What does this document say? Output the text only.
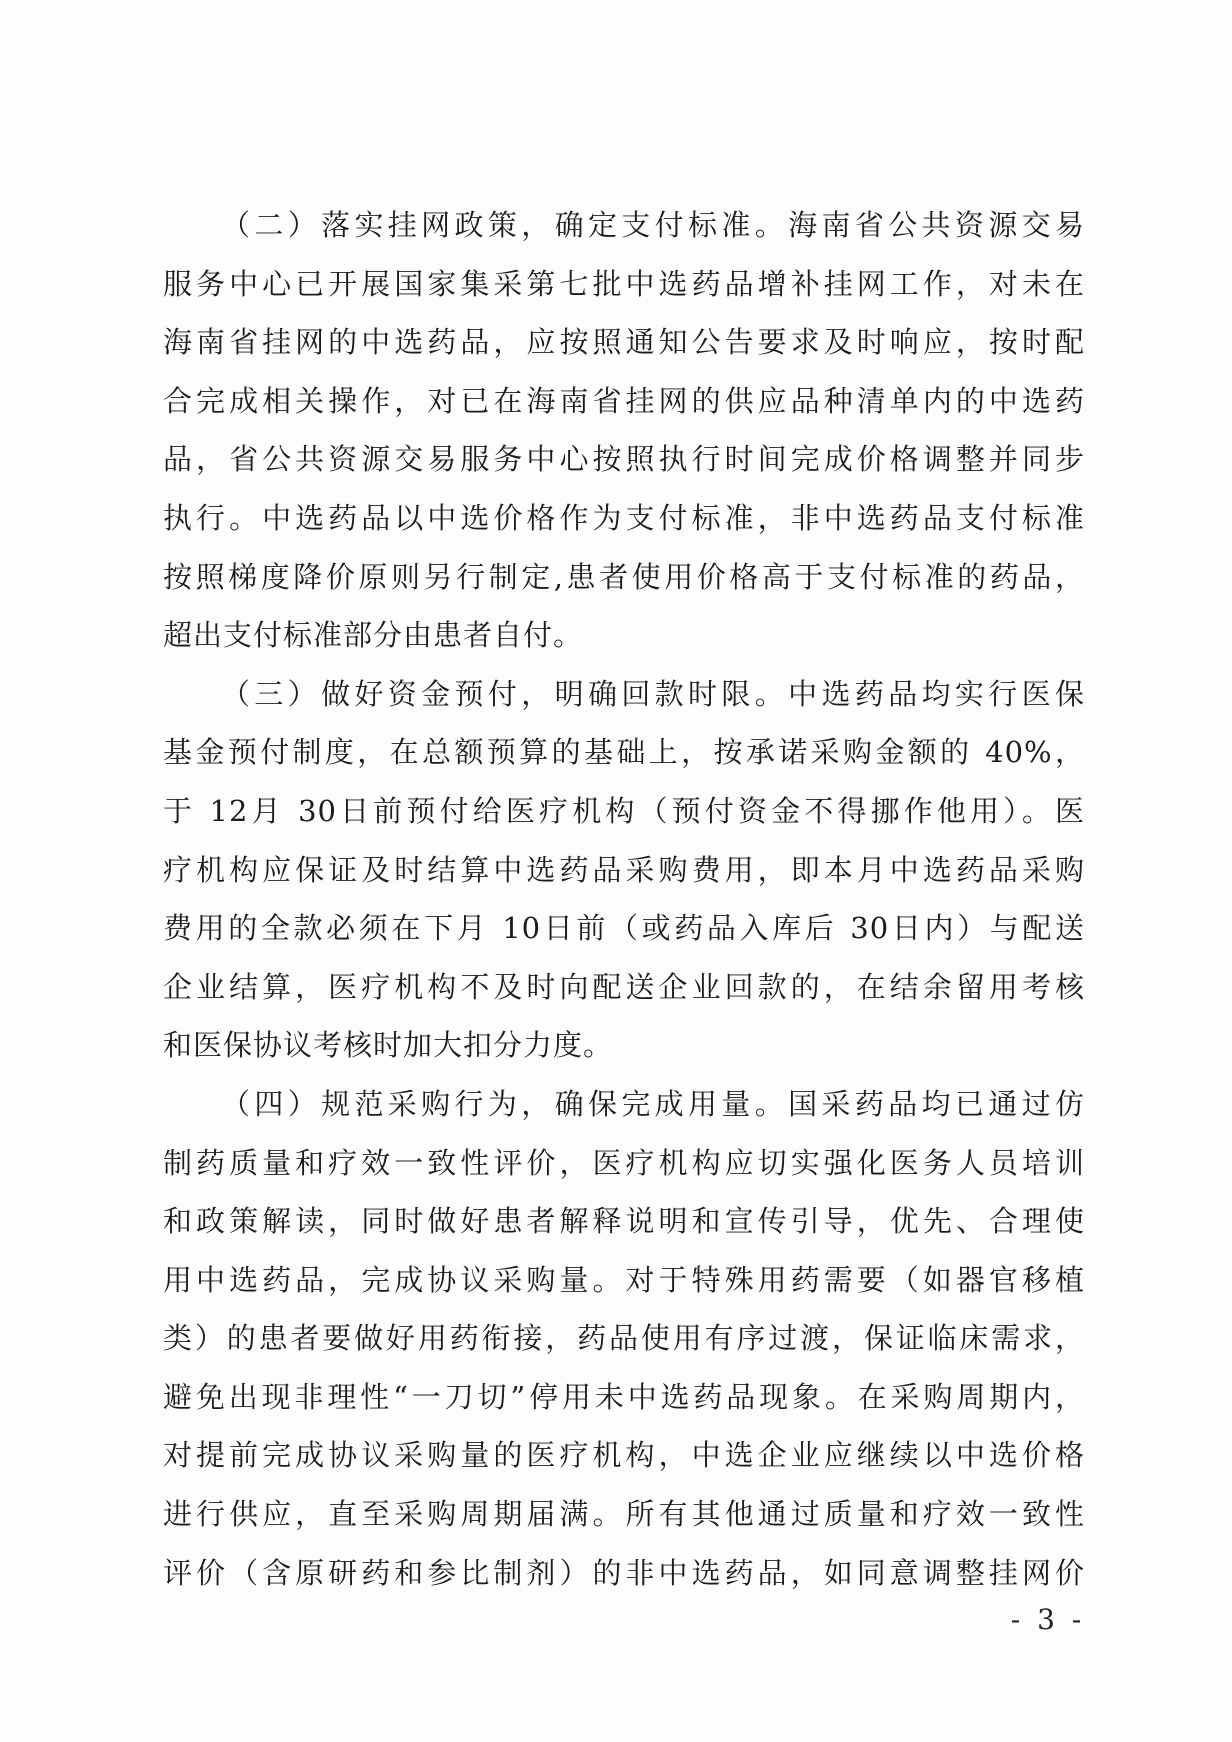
（二）落实挂网政策，确定支付标准。海南省公共资源交易
服务中心已开展国家集采第七批中选药品增补挂网工作，对未在
海南省挂网的中选药品，应按照通知公告要求及时响应，按时配
合完成相关操作，对已在海南省挂网的供应品种清单内的中选药
品，省公共资源交易服务中心按照执行时间完成价格调整并同步
执行。中选药品以中选价格作为支付标准，非中选药品支付标准
按照梯度降价原则另行制定,患者使用价格高于支付标准的药品，
超出支付标准部分由患者自付。
（三）做好资金预付，明确回款时限。中选药品均实行医保
基金预付制度，在总额预算的基础上，按承诺采购金额的 40%，
于 12月 30日前预付给医疗机构（预付资金不得挪作他用）。医
疗机构应保证及时结算中选药品采购费用，即本月中选药品采购
费用的全款必须在下月 10日前（或药品入库后 30日内）与配送
企业结算，医疗机构不及时向配送企业回款的，在结余留用考核
和医保协议考核时加大扣分力度。
（四）规范采购行为，确保完成用量。国采药品均已通过仿
制药质量和疗效一致性评价，医疗机构应切实强化医务人员培训
和政策解读，同时做好患者解释说明和宣传引导，优先、合理使
用中选药品，完成协议采购量。对于特殊用药需要（如器官移植
类）的患者要做好用药衔接，药品使用有序过渡，保证临床需求，
避免出现非理性“一刀切”停用未中选药品现象。在采购周期内，
对提前完成协议采购量的医疗机构，中选企业应继续以中选价格
进行供应，直至采购周期届满。所有其他通过质量和疗效一致性
评价（含原研药和参比制剂）的非中选药品，如同意调整挂网价
- 3 -
